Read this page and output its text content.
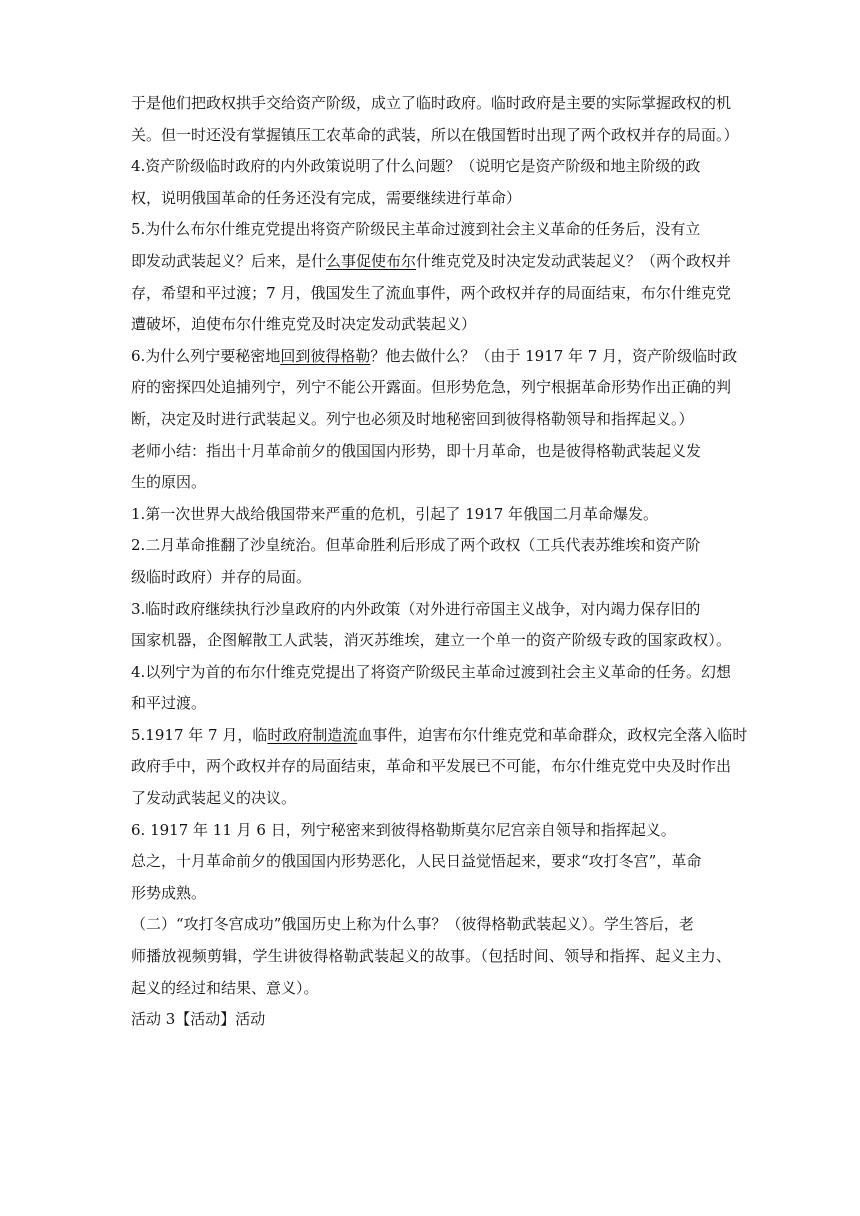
于是他们把政权拱手交给资产阶级，成立了临时政府。临时政府是主要的实际掌握政权的机
关。但一时还没有掌握镇压工农革命的武装，所以在俄国暂时出现了两个政权并存的局面。）
4.资产阶级临时政府的内外政策说明了什么问题？（说明它是资产阶级和地主阶级的政
权，说明俄国革命的任务还没有完成，需要继续进行革命）
5.为什么布尔什维克党提出将资产阶级民主革命过渡到社会主义革命的任务后，没有立
即发动武装起义？后来，是什么事促使布尔什维克党及时决定发动武装起义？（两个政权并
存，希望和平过渡；7 月，俄国发生了流血事件，两个政权并存的局面结束，布尔什维克党
遭破坏，迫使布尔什维克党及时决定发动武装起义）
6.为什么列宁要秘密地回到彼得格勒？他去做什么？（由于 1917 年 7 月，资产阶级临时政
府的密探四处追捕列宁，列宁不能公开露面。但形势危急，列宁根据革命形势作出正确的判
断，决定及时进行武装起义。列宁也必须及时地秘密回到彼得格勒领导和指挥起义。）
老师小结：指出十月革命前夕的俄国国内形势，即十月革命，也是彼得格勒武装起义发
生的原因。
1.第一次世界大战给俄国带来严重的危机，引起了 1917 年俄国二月革命爆发。
2.二月革命推翻了沙皇统治。但革命胜利后形成了两个政权（工兵代表苏维埃和资产阶
级临时政府）并存的局面。
3.临时政府继续执行沙皇政府的内外政策（对外进行帝国主义战争，对内竭力保存旧的
国家机器，企图解散工人武装，消灭苏维埃，建立一个单一的资产阶级专政的国家政权）。
4.以列宁为首的布尔什维克党提出了将资产阶级民主革命过渡到社会主义革命的任务。幻想
和平过渡。
5.1917 年 7 月，临时政府制造流血事件，迫害布尔什维克党和革命群众，政权完全落入临时
政府手中，两个政权并存的局面结束，革命和平发展已不可能，布尔什维克党中央及时作出
了发动武装起义的决议。
6. 1917 年 11 月 6 日，列宁秘密来到彼得格勒斯莫尔尼宫亲自领导和指挥起义。
总之，十月革命前夕的俄国国内形势恶化，人民日益觉悟起来，要求“攻打冬宫”，革命
形势成熟。
（二）“攻打冬宫成功”俄国历史上称为什么事？（彼得格勒武装起义）。学生答后，老
师播放视频剪辑，学生讲彼得格勒武装起义的故事。（包括时间、领导和指挥、起义主力、
起义的经过和结果、意义）。
活动 3【活动】活动
